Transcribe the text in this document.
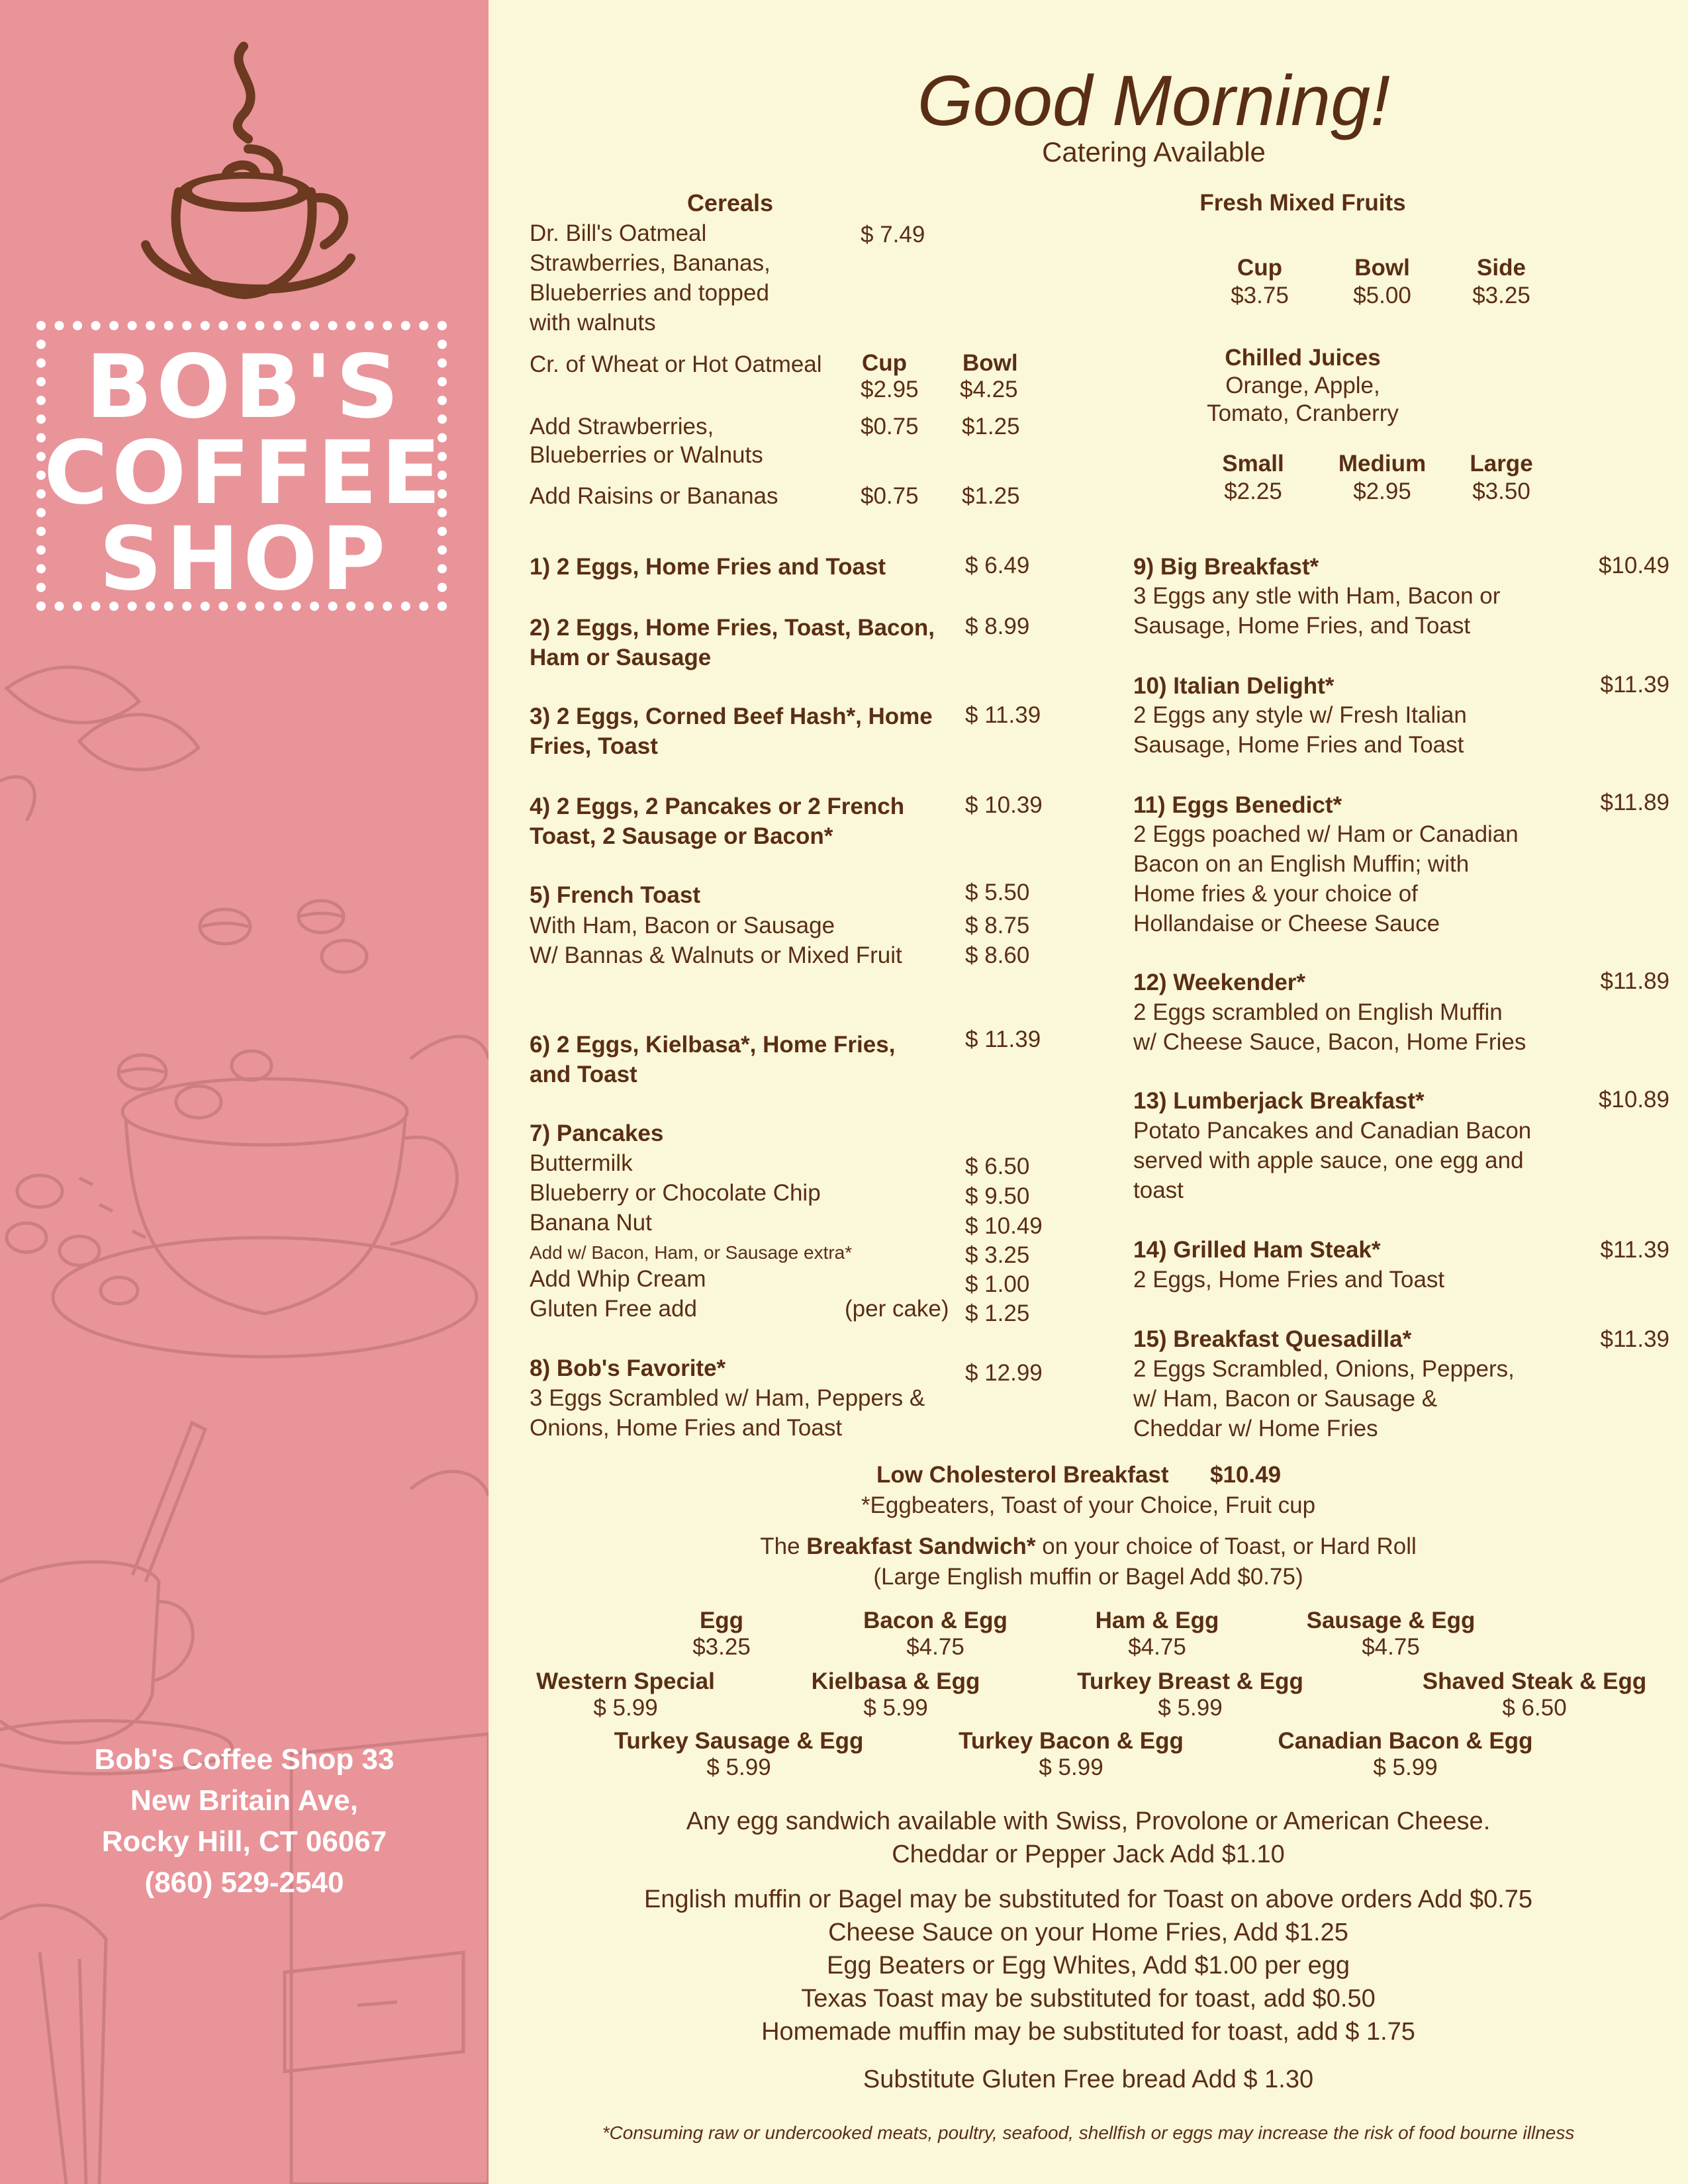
BOB'S
COFFEE
SHOP
Bob's Coffee Shop 33
New Britain Ave,
Rocky Hill, CT 06067
(860) 529-2540
Good Morning!
Catering Available
Cereals
Dr. Bill's Oatmeal
Strawberries, Bananas,
Blueberries and topped
with walnuts
$ 7.49
Cr. of Wheat or Hot Oatmeal Cup Bowl
$2.95 $4.25
Add Strawberries,
Blueberries or Walnuts
$0.75 $1.25
Add Raisins or Bananas	$0.75 $1.25
Fresh Mixed Fruits
Cup
$3.75
Bowl
$5.00
Side
$3.25
Chilled Juices
Orange, Apple,
Tomato, Cranberry
Small
$2.25
Medium
$2.95
Large
$3.50
1) 2 Eggs, Home Fries and Toast	$ 6.49
2) 2 Eggs, Home Fries, Toast, Bacon,
Ham or Sausage
$ 8.99
3) 2 Eggs, Corned Beef Hash*, Home
Fries, Toast
$ 11.39
4) 2 Eggs, 2 Pancakes or 2 French
Toast, 2 Sausage or Bacon*
$ 10.39
5) French Toast	$ 5.50
With Ham, Bacon or Sausage	$ 8.75
W/ Bannas & Walnuts or Mixed Fruit	$ 8.60
6) 2 Eggs, Kielbasa*, Home Fries,
and Toast
$ 11.39
7) Pancakes
Buttermilk	$ 6.50
Blueberry or Chocolate Chip	$ 9.50
Banana Nut	$ 10.49
Add w/ Bacon, Ham, or Sausage extra*	$ 3.25
Add Whip Cream	$ 1.00
Gluten Free add	(per cake) $ 1.25
8) Bob's Favorite*	$ 12.99
3 Eggs Scrambled w/ Ham, Peppers &
Onions, Home Fries and Toast
9) Big Breakfast*	$10.49
3 Eggs any stle with Ham, Bacon or
Sausage, Home Fries, and Toast
10) Italian Delight*	$11.39
2 Eggs any style w/ Fresh Italian
Sausage, Home Fries and Toast
11) Eggs Benedict*	$11.89
2 Eggs poached w/ Ham or Canadian
Bacon on an English Muffin; with
Home fries & your choice of
Hollandaise or Cheese Sauce
12) Weekender*	$11.89
2 Eggs scrambled on English Muffin
w/ Cheese Sauce, Bacon, Home Fries
13) Lumberjack Breakfast*	$10.89
Potato Pancakes and Canadian Bacon
served with apple sauce, one egg and
toast
14) Grilled Ham Steak*	$11.39
2 Eggs, Home Fries and Toast
15) Breakfast Quesadilla*	$11.39
2 Eggs Scrambled, Onions, Peppers,
w/ Ham, Bacon or Sausage &
Cheddar w/ Home Fries
Low Cholesterol Breakfast $10.49
*Eggbeaters, Toast of your Choice, Fruit cup
The Breakfast Sandwich* on your choice of Toast, or Hard Roll
(Large English muffin or Bagel Add $0.75)
Egg
$3.25
Bacon & Egg
$4.75
Ham & Egg
$4.75
Sausage & Egg
$4.75
Western Special
$ 5.99
Kielbasa & Egg
$ 5.99
Turkey Breast & Egg
$ 5.99
Shaved Steak & Egg
$ 6.50
Turkey Sausage & Egg
$ 5.99
Turkey Bacon & Egg
$ 5.99
Canadian Bacon & Egg
$ 5.99
Any egg sandwich available with Swiss, Provolone or American Cheese.
Cheddar or Pepper Jack Add $1.10
English muffin or Bagel may be substituted for Toast on above orders Add $0.75
Cheese Sauce on your Home Fries, Add $1.25
Egg Beaters or Egg Whites, Add $1.00 per egg
Texas Toast may be substituted for toast, add $0.50
Homemade muffin may be substituted for toast, add $ 1.75
Substitute Gluten Free bread Add $ 1.30
*Consuming raw or undercooked meats, poultry, seafood, shellfish or eggs may increase the risk of food bourne illness
